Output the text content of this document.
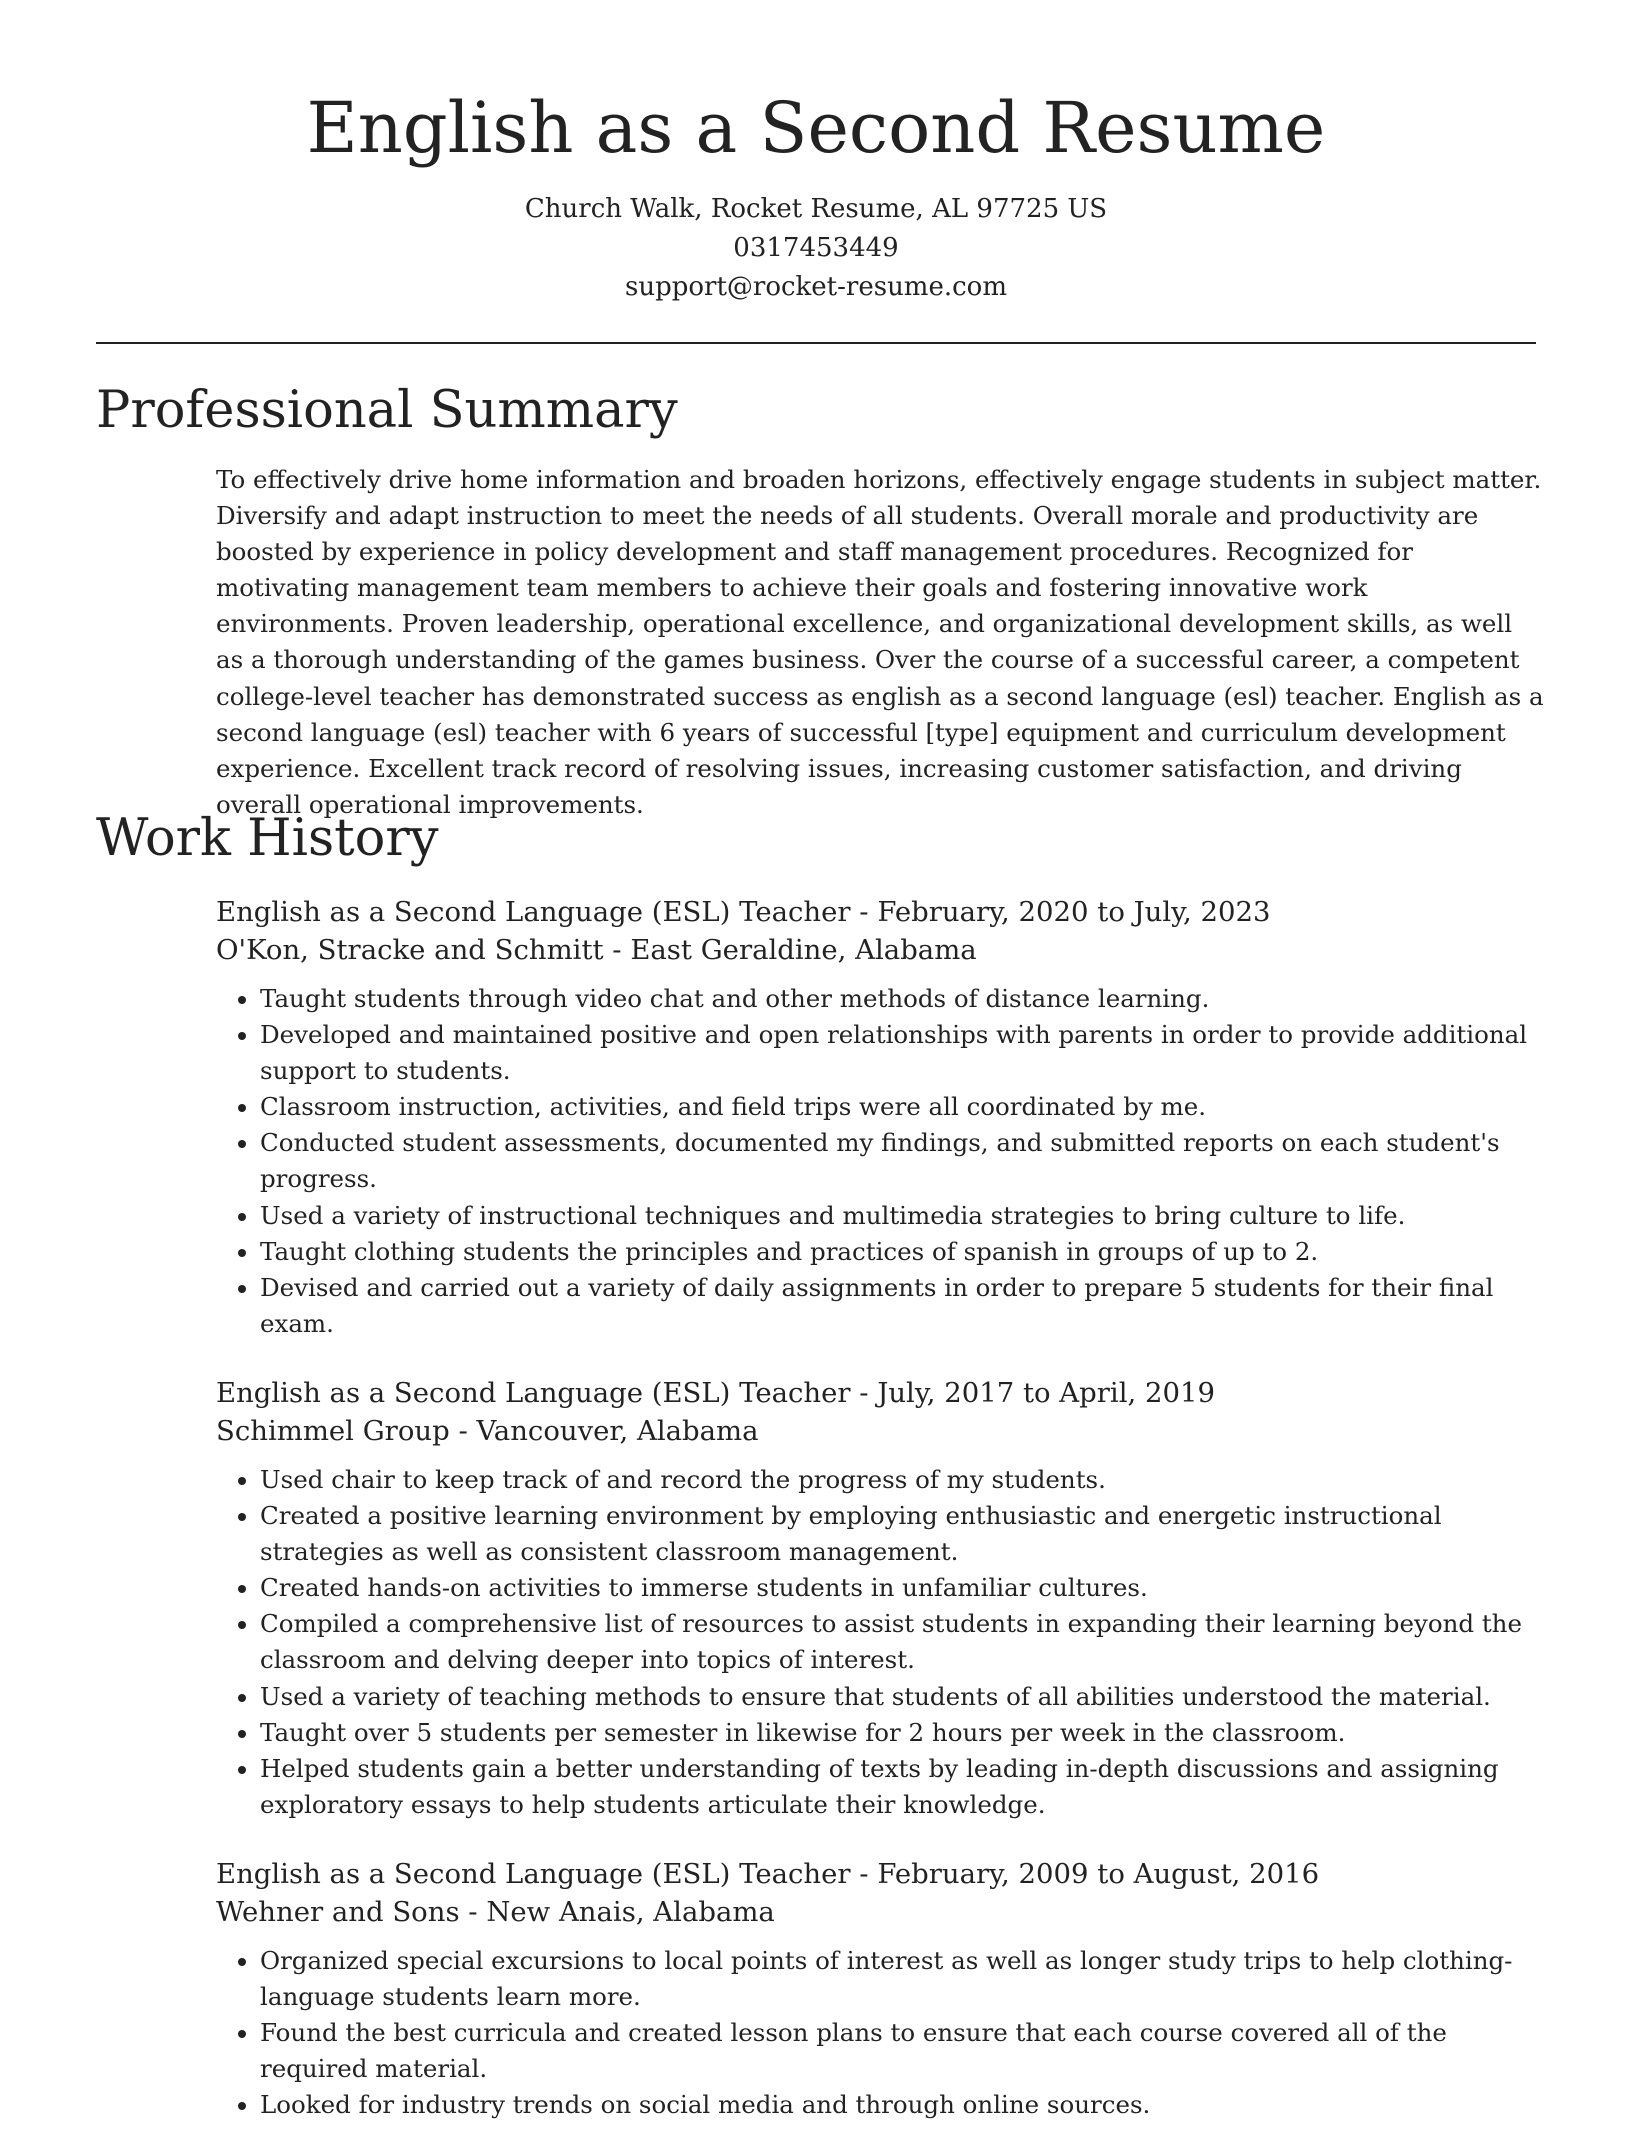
English as a Second Resume
Church Walk, Rocket Resume, AL 97725 US
0317453449
support@rocket-resume.com
Professional Summary

To effectively drive home information and broaden horizons, effectively engage students in subject matter. Diversify and adapt instruction to meet the needs of all students. Overall morale and productivity are boosted by experience in policy development and staff management procedures. Recognized for motivating management team members to achieve their goals and fostering innovative work environments. Proven leadership, operational excellence, and organizational development skills, as well as a thorough understanding of the games business. Over the course of a successful career, a competent college-level teacher has demonstrated success as english as a second language (esl) teacher. English as a second language (esl) teacher with 6 years of successful [type] equipment and curriculum development experience. Excellent track record of resolving issues, increasing customer satisfaction, and driving overall operational improvements.

Work History
English as a Second Language (ESL) Teacher - February, 2020 to July, 2023
O'Kon, Stracke and Schmitt - East Geraldine, Alabama
• Taught students through video chat and other methods of distance learning.
• Developed and maintained positive and open relationships with parents in order to provide additional support to students.
• Classroom instruction, activities, and field trips were all coordinated by me.
• Conducted student assessments, documented my findings, and submitted reports on each student's progress.
• Used a variety of instructional techniques and multimedia strategies to bring culture to life.
• Taught clothing students the principles and practices of spanish in groups of up to 2.
• Devised and carried out a variety of daily assignments in order to prepare 5 students for their final exam.
English as a Second Language (ESL) Teacher - July, 2017 to April, 2019
Schimmel Group - Vancouver, Alabama
• Used chair to keep track of and record the progress of my students.
• Created a positive learning environment by employing enthusiastic and energetic instructional strategies as well as consistent classroom management.
• Created hands-on activities to immerse students in unfamiliar cultures.
• Compiled a comprehensive list of resources to assist students in expanding their learning beyond the classroom and delving deeper into topics of interest.
• Used a variety of teaching methods to ensure that students of all abilities understood the material.
• Taught over 5 students per semester in likewise for 2 hours per week in the classroom.
• Helped students gain a better understanding of texts by leading in-depth discussions and assigning exploratory essays to help students articulate their knowledge.
English as a Second Language (ESL) Teacher - February, 2009 to August, 2016
Wehner and Sons - New Anais, Alabama
• Organized special excursions to local points of interest as well as longer study trips to help clothing-language students learn more.
• Found the best curricula and created lesson plans to ensure that each course covered all of the required material.
• Looked for industry trends on social media and through online sources.
